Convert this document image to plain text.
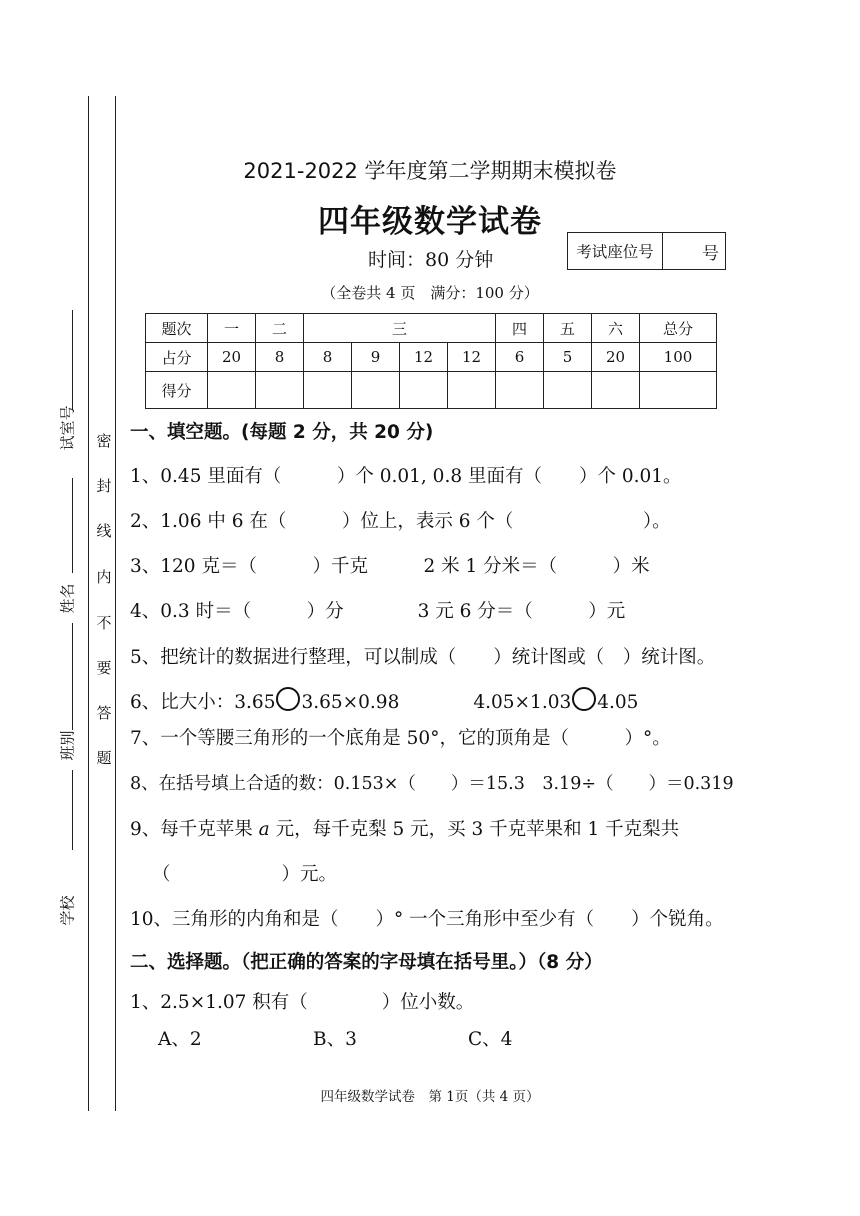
试室号
姓名
班别
学校
密
封
线
内
不
要
答
题
2021-2022 学年度第二学期期末模拟卷
四年级数学试卷
时间：80 分钟	考试座位号	号
（全卷共 4 页　满分：100 分）
题次	一	二	三				四	五	六	总分
占分	20	8	8	9	12	12	6	5	20	100
得分										
一、填空题。(每题 2 分，共 20 分)
1、0.45 里面有（　　　）个 0.01, 0.8 里面有（　　）个 0.01。
2、1.06 中 6 在（　　　）位上，表示 6 个（　　　　　　　）。
3、120 克＝（　　　）千克　　　2 米 1 分米＝（　　　）米
4、0.3 时＝（　　　）分　　　　3 元 6 分＝（　　　）元
5、把统计的数据进行整理，可以制成（　　）统计图或（　）统计图。
6、比大小：3.65 3.65×0.98	4.05×1.03 4.05
7、一个等腰三角形的一个底角是 50°，它的顶角是（　　　）°。
8、在括号填上合适的数：0.153×（　　）＝15.3　3.19÷（　　）＝0.319
9、每千克苹果 a 元，每千克梨 5 元，买 3 千克苹果和 1 千克梨共
（　　　　　　）元。
10、三角形的内角和是（　　）° 一个三角形中至少有（　　）个锐角。
二、选择题。（把正确的答案的字母填在括号里。）（8 分）
1、2.5×1.07 积有（　　　　）位小数。
A、2	B、3	C、4
四年级数学试卷　第 1页（共 4 页）
